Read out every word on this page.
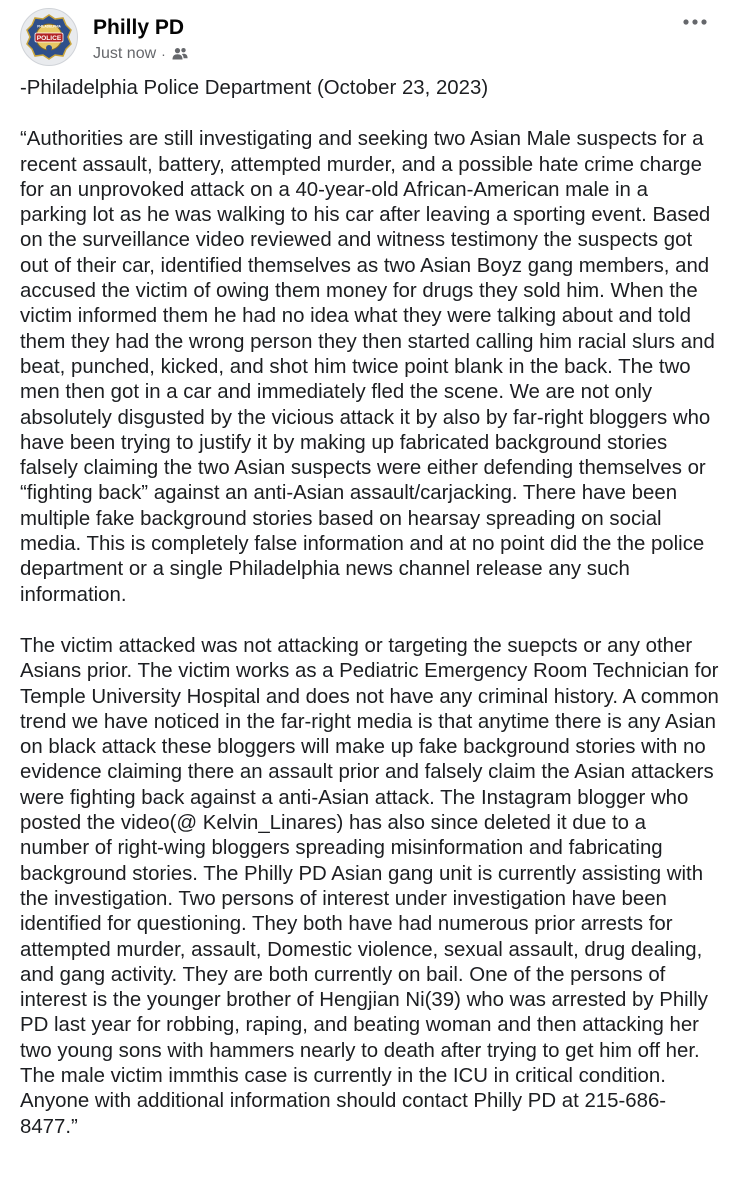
POLICE
PHILADELPHIA Philly PD
Just now ·

-Philadelphia Police Department (October 23, 2023)

“Authorities are still investigating and seeking two Asian Male suspects for a recent assault, battery, attempted murder, and a possible hate crime charge for an unprovoked attack on a 40-year-old African-American male in a parking lot as he was walking to his car after leaving a sporting event. Based on the surveillance video reviewed and witness testimony the suspects got out of their car, identified themselves as two Asian Boyz gang members, and accused the victim of owing them money for drugs they sold him. When the victim informed them he had no idea what they were talking about and told them they had the wrong person they then started calling him racial slurs and beat, punched, kicked, and shot him twice point blank in the back. The two men then got in a car and immediately fled the scene. We are not only absolutely disgusted by the vicious attack it by also by far-right bloggers who have been trying to justify it by making up fabricated background stories falsely claiming the two Asian suspects were either defending themselves or “fighting back” against an anti-Asian assault/carjacking. There have been multiple fake background stories based on hearsay spreading on social media. This is completely false information and at no point did the the police department or a single Philadelphia news channel release any such information.

The victim attacked was not attacking or targeting the suepcts or any other Asians prior. The victim works as a Pediatric Emergency Room Technician for Temple University Hospital and does not have any criminal history. A common trend we have noticed in the far-right media is that anytime there is any Asian on black attack these bloggers will make up fake background stories with no evidence claiming there an assault prior and falsely claim the Asian attackers were fighting back against a anti-Asian attack. The Instagram blogger who posted the video(@ Kelvin_Linares) has also since deleted it due to a number of right-wing bloggers spreading misinformation and fabricating background stories. The Philly PD Asian gang unit is currently assisting with the investigation. Two persons of interest under investigation have been identified for questioning. They both have had numerous prior arrests for attempted murder, assault, Domestic violence, sexual assault, drug dealing, and gang activity. They are both currently on bail. One of the persons of interest is the younger brother of Hengjian Ni(39) who was arrested by Philly PD last year for robbing, raping, and beating woman and then attacking her two young sons with hammers nearly to death after trying to get him off her. The male victim immthis case is currently in the ICU in critical condition. Anyone with additional information should contact Philly PD at 215-686-8477.”
